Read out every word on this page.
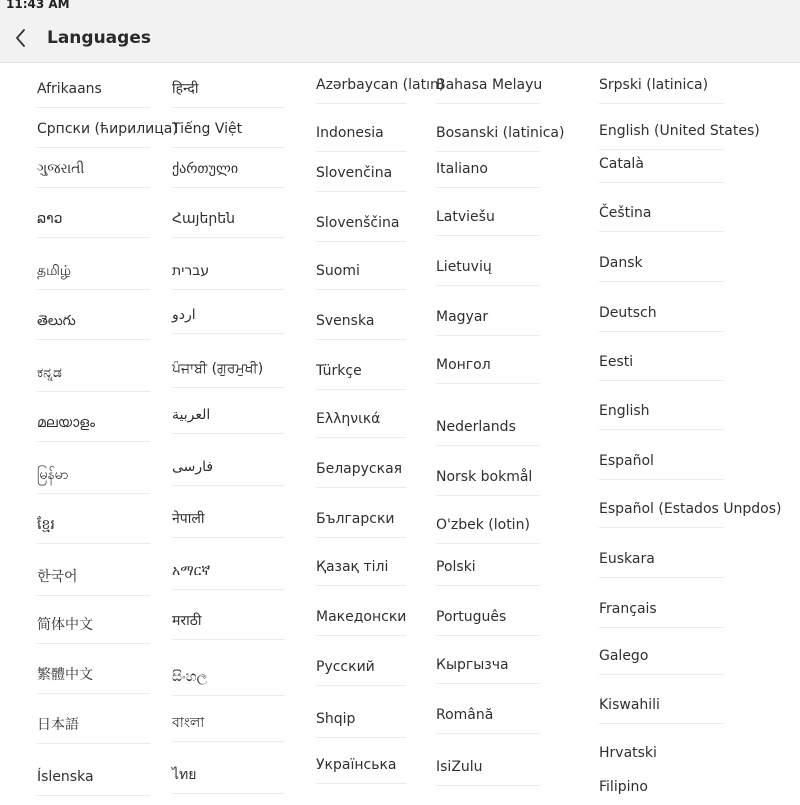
11:43 AM
Languages
Afrikaans
Српски (ћирилица)
ગુજરાતી
ລາວ
தமிழ்
తెలుగు
ಕನ್ನಡ
മലയാളം
မြန်မာ
ខ្មែរ
한국어
简体中文
繁體中文
日本語
Íslenska
हिन्दी
Tiếng Việt
ქართული
Հայերեն
עברית
اردو
ਪੰਜਾਬੀ (ਗੁਰਮੁਖੀ)
العربية
فارسی
नेपाली
አማርኛ
मराठी
සිංහල
বাংলা
ไทย
Azərbaycan (latın)
Indonesia
Slovenčina
Slovenščina
Suomi
Svenska
Türkçe
Ελληνικά
Беларуская
Български
Қазақ тілі
Македонски
Русский
Shqip
Українська
Bahasa Melayu
Bosanski (latinica)
Italiano
Latviešu
Lietuvių
Magyar
Монгол
Nederlands
Norsk bokmål
O'zbek (lotin)
Polski
Português
Кыргызча
Română
IsiZulu
Srpski (latinica)
English (United States)
Català
Čeština
Dansk
Deutsch
Eesti
English
Español
Español (Estados Unpdos)
Euskara
Français
Galego
Kiswahili
Hrvatski
Filipino
